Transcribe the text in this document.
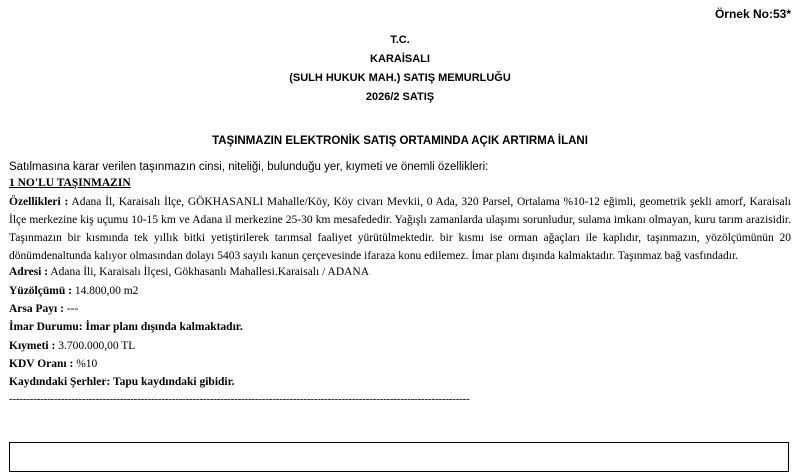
Örnek No:53*
T.C.
KARAİSALI
(SULH HUKUK MAH.) SATIŞ MEMURLUĞU
2026/2 SATIŞ
TAŞINMAZIN ELEKTRONİK SATIŞ ORTAMINDA AÇIK ARTIRMA İLANI
Satılmasına karar verilen taşınmazın cinsi, niteliği, bulunduğu yer, kıymeti ve önemli özellikleri:
1 NO'LU TAŞINMAZIN
Özellikleri : Adana İl, Karaisalı İlçe, GÖKHASANLI Mahalle/Köy, Köy civarı Mevkii, 0 Ada, 320 Parsel, Ortalama %10-12 eğimli, geometrik şekli amorf, Karaisalı İlçe merkezine kiş uçumu 10-15 km ve Adana il merkezine 25-30 km mesafededir. Yağışlı zamanlarda ulaşımı sorunludur, sulama imkanı olmayan, kuru tarım arazisidir. Taşınmazın bir kısmında tek yıllık bitki yetiştirilerek tarımsal faaliyet yürütülmektedir. bir kısmı ise orman ağaçları ile kaplıdır, taşınmazın, yözölçümünün 20 dönümdenaltunda kalıyor olmasından dolayı 5403 sayılı kanun çerçevesinde ifaraza konu edilemez. İmar planı dışında kalmaktadır. Taşınmaz bağ vasfındadır.
Adresi : Adana İli, Karaisalı İlçesi, Gökhasanlı Mahallesi.Karaisalı / ADANA
Yüzölçümü : 14.800,00 m2
Arsa Payı : ---
İmar Durumu: İmar planı dışında kalmaktadır.
Kıymeti : 3.700.000,00 TL
KDV Oranı : %10
Kaydındaki Şerhler: Tapu kaydındaki gibidir.
-------------------------------------------------------------------------------------------------------------------------------------
